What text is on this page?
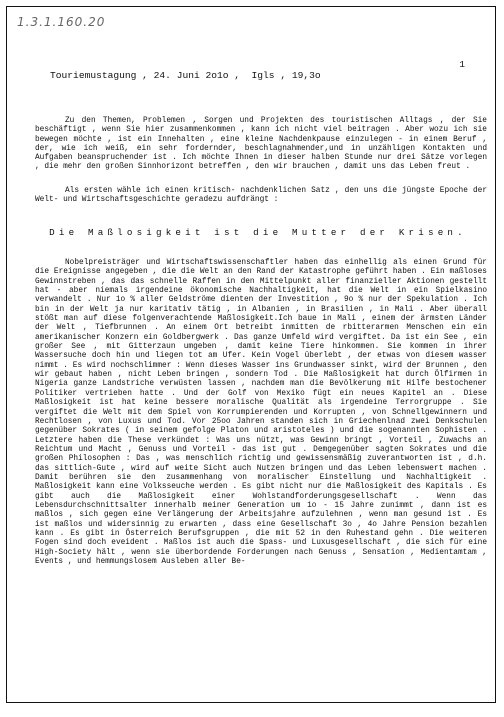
1.3.1.160.20

Touriemustagung , 24. Juni 2o1o ,  Igls , 19,3o

1

Zu den Themen, Problemen , Sorgen und Projekten des touristischen Alltags , der Sie beschäftigt , wenn Sie hier zusammenkommen , kann ich nicht viel beitragen . Aber wozu ich sie bewegen möchte , ist ein Innehalten , eine kleine Nachdenkpause einzulegen - in einem Beruf , der, wie ich weiß, ein sehr fordernder, beschlagnahmender,und in unzähligen Kontakten und Aufgaben beanspruchender ist . Ich möchte Ihnen in dieser halben Stunde nur drei Sätze vorlegen , die mehr den großen Sinnhorizont betreffen , den wir brauchen , damit uns das Leben freut .

Als ersten wähle ich einen kritisch- nachdenklichen Satz , den uns die jüngste Epoche der Welt- und Wirtschaftsgeschichte geradezu aufdrängt :

Die Maßlosigkeit ist die Mutter der Krisen.

Nobelpreisträger und Wirtschaftswissenschaftler haben das einhellig als einen Grund für die Ereignisse angegeben , die die Welt an den Rand der Katastrophe geführt haben . Ein maßloses Gewinnstreben , das das schnelle Raffen in den Mittelpunkt aller finanzieller Aktionen gestellt hat - aber niemals irgendeine ökonomische Nachhaltigkeit, hat die Welt in ein Spielkasino verwandelt . Nur 1o % aller Geldströme dienten der Investition , 9o % nur der Spekulation . Ich bin in der Welt ja nur karitativ tätig , in Albanien , in Brasilien , in Mali . Aber überall stößt man auf diese folgenverachtende Maßlosigkeit.Ich baue in Mali , einem der ärmsten Länder der Welt , Tiefbrunnen . An einem Ort betreibt inmitten de rbitterarmen Menschen ein ein amerikanischer Konzern ein Goldbergwerk . Das ganze Umfeld wird vergiftet. Da ist ein See , ein großer See , mit Gitterzaun umgeben , damit keine Tiere hinkommen. Sie kommen in ihrer Wassersuche doch hin und liegen tot am Ufer. Kein Vogel überlebt , der etwas von diesem wasser nimmt . Es wird nochschlimmer : Wenn dieses Wasser ins Grundwasser sinkt, wird der Brunnen , den wir gebaut haben , nicht Leben bringen , sondern Tod . Die Maßlosigkeit hat durch Ölfirmen in Nigeria ganze Landstriche verwüsten lassen , nachdem man die Bevölkerung mit Hilfe bestochener Politiker vertrieben hatte . Und der Golf von Mexiko fügt ein neues Kapitel an . Diese Maßlosigkeit ist hat keine bessere moralische Qualität als irgendeine Terrorgruppe . Sie vergiftet die Welt mit dem Spiel von Korrumpierenden und Korrupten , von Schnellgewinnern und Rechtlosen , von Luxus und Tod. Vor 25oo Jahren standen sich in Griechenlnad zwei Denkschulen gegenüber Sokrates ( in seinem gefolge Platon und aristoteles ) und die sogenannten Sophisten . Letztere haben die These verkündet : Was uns nützt, was Gewinn bringt , Vorteil , Zuwachs an Reichtum und Macht , Genuss und Vorteil - das ist gut . Demgegenüber sagten Sokrates und die großen Philosophen : Das , was menschlich richtig und gewissensmäßig zuverantworten ist , d.h. das sittlich-Gute , wird auf weite Sicht auch Nutzen bringen und das Leben lebenswert machen . Damit berühren sie den zusammenhang von moralischer Einstellung und Nachhaltigkeit . Maßlosigkeit kann eine Volksseuche werden . Es gibt nicht nur die Maßlosigkeit des Kapitals . Es gibt auch die Maßlosigkeit einer Wohlstandforderungsgesellschaft . Wenn das Lebensdurchschnittsalter innerhalb meiner Generation um 1o - 15 Jahre zunimmt , dann ist es maßlos , sich gegen eine Verlängerung der Arbeitsjahre aufzulehnen , wenn man gesund ist . Es ist maßlos und widersinnig zu erwarten , dass eine Gesellschaft 3o , 4o Jahre Pension bezahlen kann . Es gibt in Österreich Berufsgruppen , die mit 52 in den Ruhestand gehn . Die weiteren Fogen sind doch eveident . Maßlos ist auch die Spass- und Luxusgesellschaft , die sich für eine High-Society hält , wenn sie überbordende Forderungen nach Genuss , Sensation , Medientamtam , Events , und hemmungslosem Ausleben aller Be-
